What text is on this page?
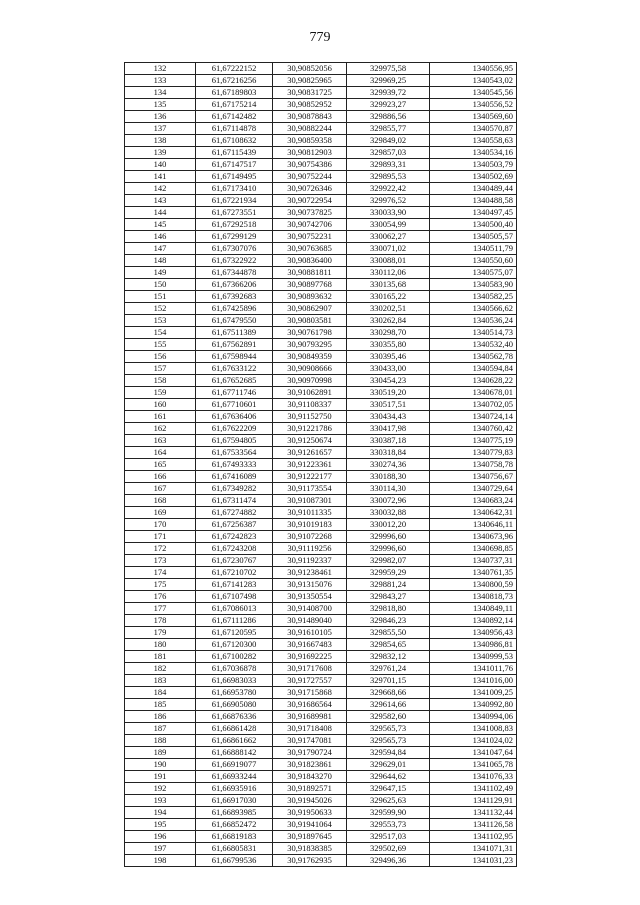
779
132	61,67222152	30,90852056	329975,58	1340556,95
133	61,67216256	30,90825965	329969,25	1340543,02
134	61,67189803	30,90831725	329939,72	1340545,56
135	61,67175214	30,90852952	329923,27	1340556,52
136	61,67142482	30,90878843	329886,56	1340569,60
137	61,67114878	30,90882244	329855,77	1340570,87
138	61,67108632	30,90859358	329849,02	1340558,63
139	61,67115439	30,90812903	329857,03	1340534,16
140	61,67147517	30,90754386	329893,31	1340503,79
141	61,67149495	30,90752244	329895,53	1340502,69
142	61,67173410	30,90726346	329922,42	1340489,44
143	61,67221934	30,90722954	329976,52	1340488,58
144	61,67273551	30,90737825	330033,90	1340497,45
145	61,67292518	30,90742706	330054,99	1340500,40
146	61,67299129	30,90752231	330062,27	1340505,57
147	61,67307076	30,90763685	330071,02	1340511,79
148	61,67322922	30,90836400	330088,01	1340550,60
149	61,67344878	30,90881811	330112,06	1340575,07
150	61,67366206	30,90897768	330135,68	1340583,90
151	61,67392683	30,90893632	330165,22	1340582,25
152	61,67425896	30,90862907	330202,51	1340566,62
153	61,67479550	30,90803581	330262,84	1340536,24
154	61,67511389	30,90761798	330298,70	1340514,73
155	61,67562891	30,90793295	330355,80	1340532,40
156	61,67598944	30,90849359	330395,46	1340562,78
157	61,67633122	30,90908666	330433,00	1340594,84
158	61,67652685	30,90970998	330454,23	1340628,22
159	61,67711746	30,91062891	330519,20	1340678,01
160	61,67710601	30,91108337	330517,51	1340702,05
161	61,67636406	30,91152750	330434,43	1340724,14
162	61,67622209	30,91221786	330417,98	1340760,42
163	61,67594805	30,91250674	330387,18	1340775,19
164	61,67533564	30,91261657	330318,84	1340779,83
165	61,67493333	30,91223361	330274,36	1340758,78
166	61,67416089	30,91222177	330188,30	1340756,67
167	61,67349282	30,91173554	330114,30	1340729,64
168	61,67311474	30,91087301	330072,96	1340683,24
169	61,67274882	30,91011335	330032,88	1340642,31
170	61,67256387	30,91019183	330012,20	1340646,11
171	61,67242823	30,91072268	329996,60	1340673,96
172	61,67243208	30,91119256	329996,60	1340698,85
173	61,67230767	30,91192337	329982,07	1340737,31
174	61,67210702	30,91238461	329959,29	1340761,35
175	61,67141283	30,91315076	329881,24	1340800,59
176	61,67107498	30,91350554	329843,27	1340818,73
177	61,67086013	30,91408700	329818,80	1340849,11
178	61,67111286	30,91489040	329846,23	1340892,14
179	61,67120595	30,91610105	329855,50	1340956,43
180	61,67120300	30,91667483	329854,65	1340986,81
181	61,67100282	30,91692225	329832,12	1340999,53
182	61,67036878	30,91717608	329761,24	1341011,76
183	61,66983033	30,91727557	329701,15	1341016,00
184	61,66953780	30,91715868	329668,66	1341009,25
185	61,66905080	30,91686564	329614,66	1340992,80
186	61,66876336	30,91689981	329582,60	1340994,06
187	61,66861428	30,91718408	329565,73	1341008,83
188	61,66861662	30,91747081	329565,73	1341024,02
189	61,66888142	30,91790724	329594,84	1341047,64
190	61,66919077	30,91823861	329629,01	1341065,78
191	61,66933244	30,91843270	329644,62	1341076,33
192	61,66935916	30,91892571	329647,15	1341102,49
193	61,66917030	30,91945026	329625,63	1341129,91
194	61,66893985	30,91950633	329599,90	1341132,44
195	61,66852472	30,91941064	329553,73	1341126,58
196	61,66819183	30,91897645	329517,03	1341102,95
197	61,66805831	30,91838385	329502,69	1341071,31
198	61,66799536	30,91762935	329496,36	1341031,23
